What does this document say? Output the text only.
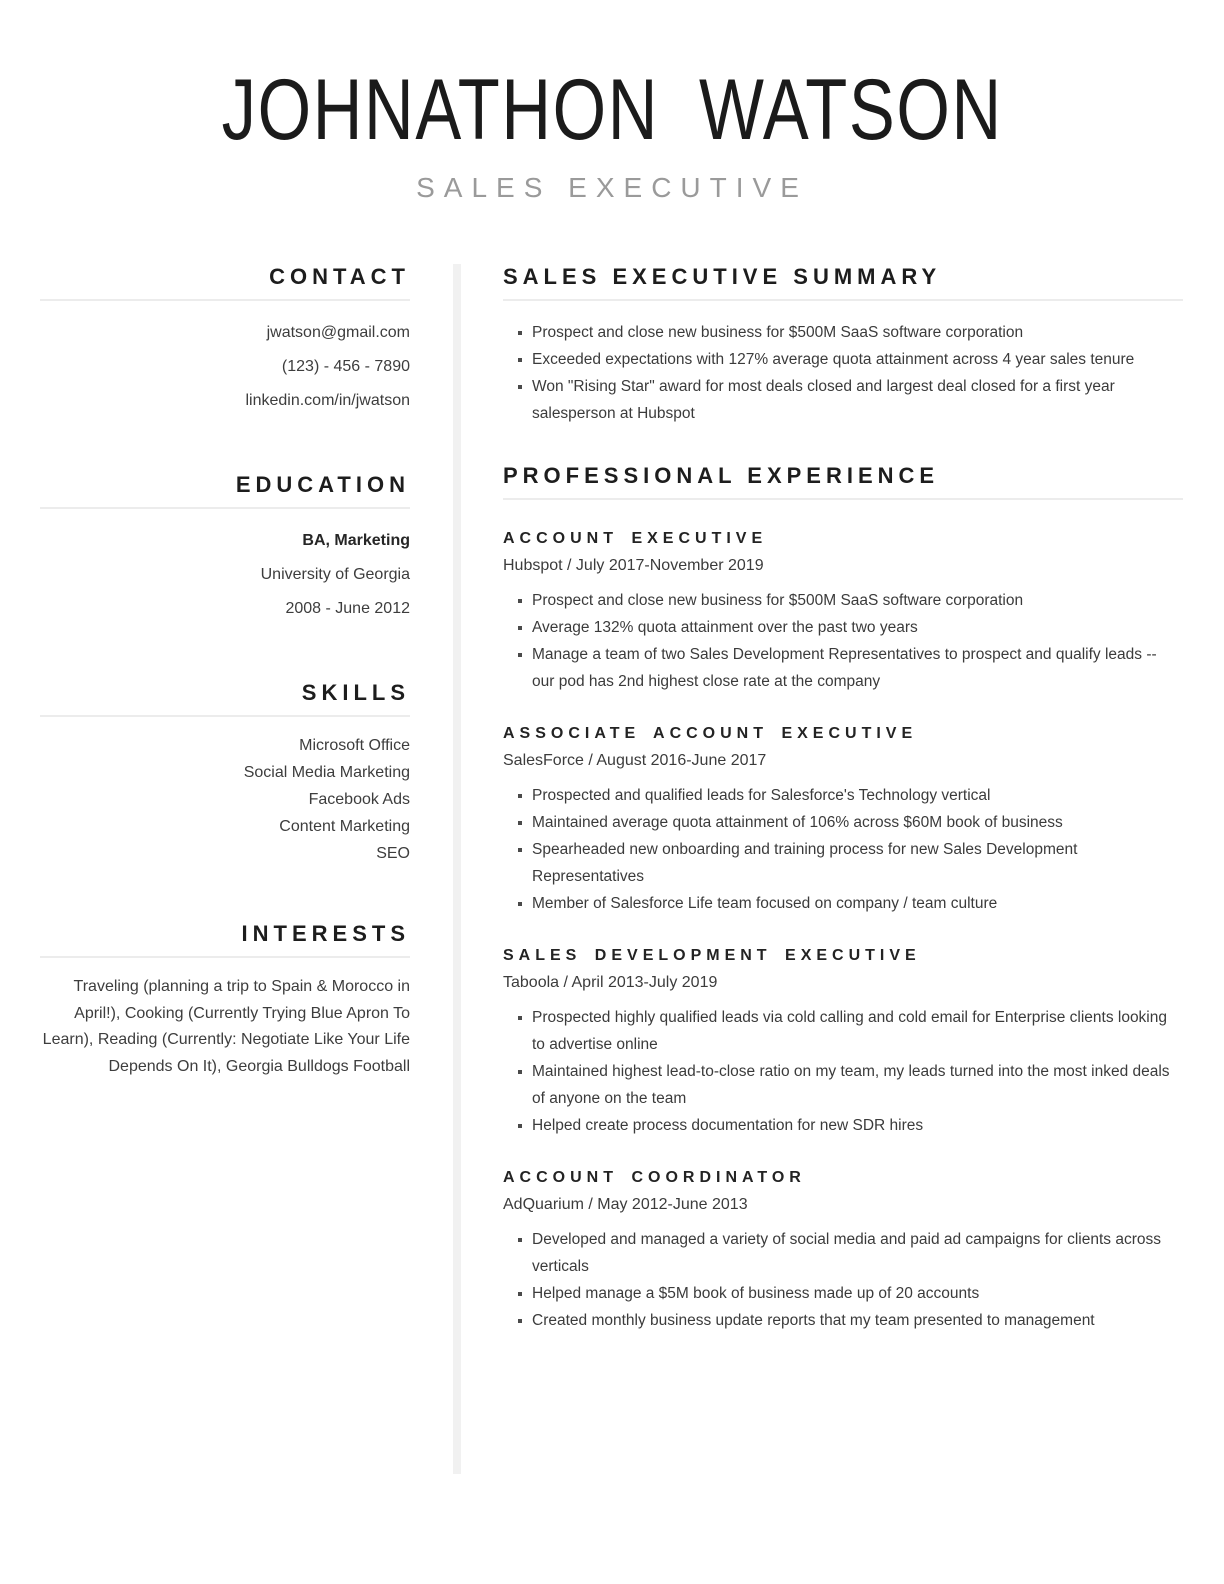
JOHNATHON WATSON
SALES EXECUTIVE
CONTACT
jwatson@gmail.com
(123) - 456 - 7890
linkedin.com/in/jwatson
EDUCATION
BA, Marketing
University of Georgia
2008 - June 2012
SKILLS
Microsoft Office
Social Media Marketing
Facebook Ads
Content Marketing
SEO
INTERESTS

Traveling (planning a trip to Spain & Morocco in April!), Cooking (Currently Trying Blue Apron To Learn), Reading (Currently: Negotiate Like Your Life Depends On It), Georgia Bulldogs Football

SALES EXECUTIVE SUMMARY
Prospect and close new business for $500M SaaS software corporation
Exceeded expectations with 127% average quota attainment across 4 year sales tenure
Won "Rising Star" award for most deals closed and largest deal closed for a first year salesperson at Hubspot
PROFESSIONAL EXPERIENCE
ACCOUNT EXECUTIVE
Hubspot / July 2017-November 2019
Prospect and close new business for $500M SaaS software corporation
Average 132% quota attainment over the past two years
Manage a team of two Sales Development Representatives to prospect and qualify leads -- our pod has 2nd highest close rate at the company
ASSOCIATE ACCOUNT EXECUTIVE
SalesForce / August 2016-June 2017
Prospected and qualified leads for Salesforce's Technology vertical
Maintained average quota attainment of 106% across $60M book of business
Spearheaded new onboarding and training process for new Sales Development Representatives
Member of Salesforce Life team focused on company / team culture
SALES DEVELOPMENT EXECUTIVE
Taboola / April 2013-July 2019
Prospected highly qualified leads via cold calling and cold email for Enterprise clients looking to advertise online
Maintained highest lead-to-close ratio on my team, my leads turned into the most inked deals of anyone on the team
Helped create process documentation for new SDR hires
ACCOUNT COORDINATOR
AdQuarium / May 2012-June 2013
Developed and managed a variety of social media and paid ad campaigns for clients across verticals
Helped manage a $5M book of business made up of 20 accounts
Created monthly business update reports that my team presented to management
